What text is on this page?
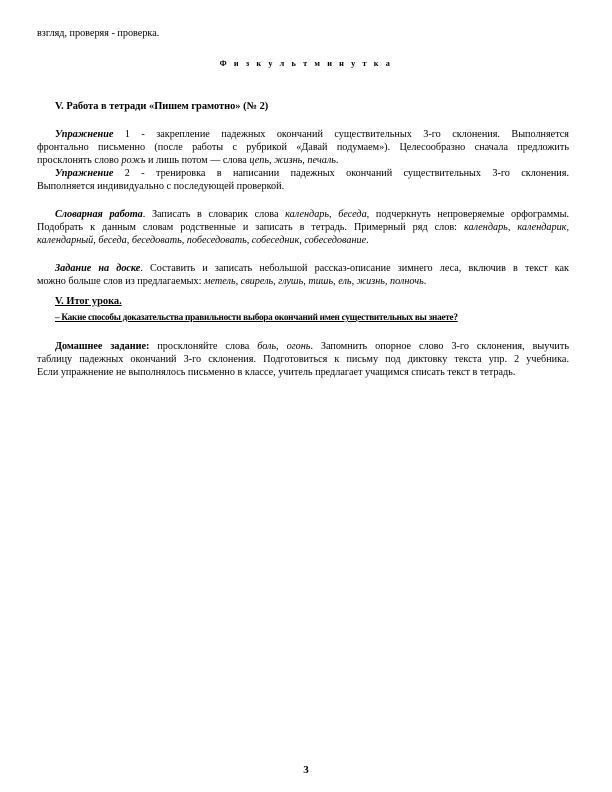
взгляд, проверяя - проверка.
Ф и з к у л ь т м и н у т к а
V. Работа в тетради «Пишем грамотно» (№ 2)
Упражнение 1 - закрепление падежных окончаний существительных 3-го склонения. Выполняется
фронтально письменно (после работы с рубрикой «Давай подумаем»). Целесообразно сначала предложить
просклонять слово рожь и лишь потом — слова цепь, жизнь, печаль.
Упражнение 2 - тренировка в написании падежных окончаний существительных 3-го склонения.
Выполняется индивидуально с последующей проверкой.
Словарная работа. Записать в словарик слова календарь, беседа, подчеркнуть непроверяемые орфограммы.
Подобрать к данным словам родственные и записать в тетрадь. Примерный ряд слов: календарь, календарик,
календарный, беседа, беседовать, побеседовать, собеседник, собеседование.
Задание на доске. Составить и записать небольшой рассказ-описание зимнего леса, включив в текст как
можно больше слов из предлагаемых: метель, свирель, глушь, тишь, ель, жизнь, полночь.
V. Итог урока.
– Какие способы доказательства правильности выбора окончаний имен существительных вы знаете?
Домашнее задание: просклоняйте слова боль, огонь. Запомнить опорное слово 3-го склонения, выучить
таблицу падежных окончаний 3-го склонения. Подготовиться к письму под диктовку текста упр. 2 учебника.
Если упражнение не выполнялось письменно в классе, учитель предлагает учащимся списать текст в тетрадь.
3
